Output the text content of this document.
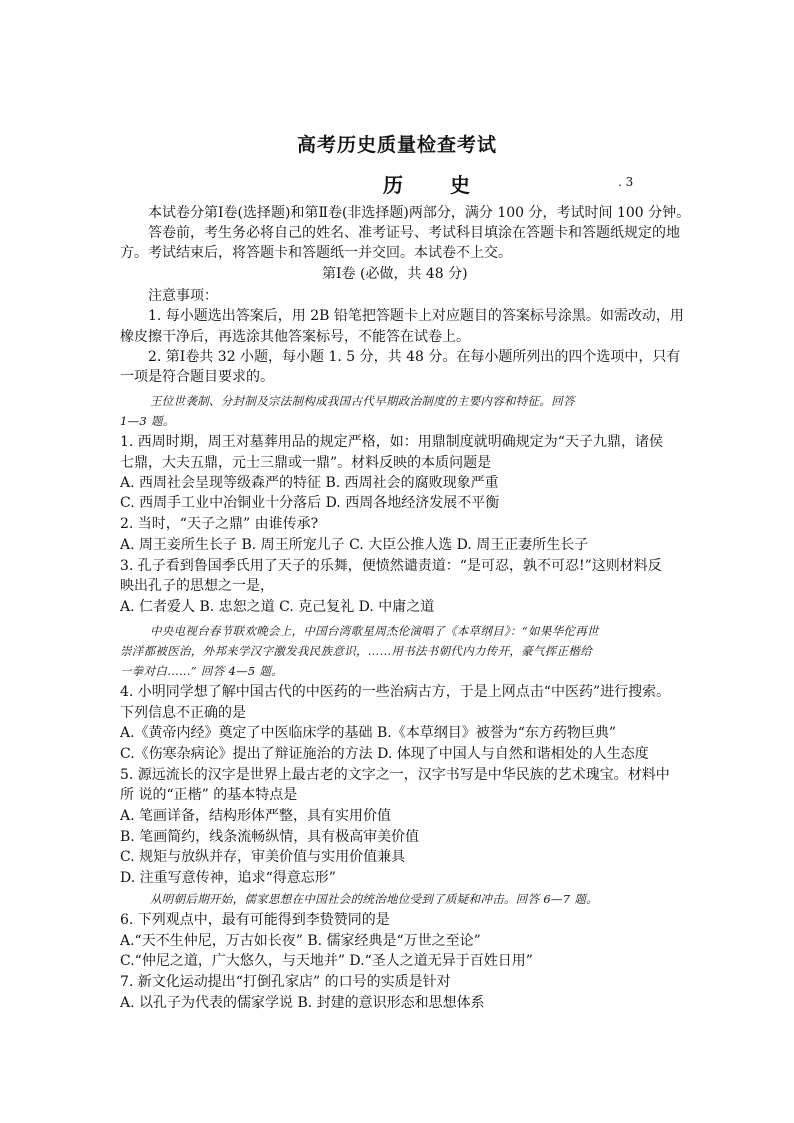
高考历史质量检查考试
历 史	. 3
本试卷分第Ⅰ卷(选择题)和第Ⅱ卷(非选择题)两部分，满分 100 分，考试时间 100 分钟。
答卷前，考生务必将自己的姓名、准考证号、考试科目填涂在答题卡和答题纸规定的地
方。考试结束后，将答题卡和答题纸一并交回。本试卷不上交。
第Ⅰ卷 (必做，共 48 分)
注意事项：
1. 每小题选出答案后，用 2B 铅笔把答题卡上对应题目的答案标号涂黑。如需改动，用
橡皮擦干净后，再选涂其他答案标号，不能答在试卷上。
2. 第Ⅰ卷共 32 小题，每小题 1. 5 分，共 48 分。在每小题所列出的四个选项中，只有
一项是符合题目要求的。
王位世袭制、分封制及宗法制构成我国古代早期政治制度的主要内容和特征。回答
1—3 题。
1. 西周时期，周王对墓葬用品的规定严格，如：用鼎制度就明确规定为“天子九鼎，诸侯
七鼎，大夫五鼎，元士三鼎或一鼎”。材料反映的本质问题是
A. 西周社会呈现等级森严的特征 B. 西周社会的腐败现象严重
C. 西周手工业中冶铜业十分落后 D. 西周各地经济发展不平衡
2. 当时，“天子之鼎” 由谁传承?
A. 周王妾所生长子 B. 周王所宠儿子 C. 大臣公推人选 D. 周王正妻所生长子
3. 孔子看到鲁国季氏用了天子的乐舞，便愤然谴责道：“是可忍，孰不可忍!”这则材料反
映出孔子的思想之一是，
A. 仁者爱人 B. 忠恕之道 C. 克己复礼 D. 中庸之道
中央电视台春节联欢晚会上，中国台湾歌星周杰伦演唱了《本草纲目》：“如果华佗再世
崇洋都被医治，外邦来学汉字激发我民族意识，……用书法书朝代内力传开，豪气挥正楷给
一拳对白……” 回答 4—5 题。
4. 小明同学想了解中国古代的中医药的一些治病古方，于是上网点击“中医药”进行搜索。
下列信息不正确的是
A.《黄帝内经》奠定了中医临床学的基础 B.《本草纲目》被誉为“东方药物巨典”
C.《伤寒杂病论》提出了辩证施治的方法 D. 体现了中国人与自然和谐相处的人生态度
5. 源远流长的汉字是世界上最古老的文字之一，汉字书写是中华民族的艺术瑰宝。材料中
所 说的“正楷” 的基本特点是
A. 笔画详备，结构形体严整，具有实用价值
B. 笔画简约，线条流畅纵情，具有极高审美价值
C. 规矩与放纵并存，审美价值与实用价值兼具
D. 注重写意传神，追求“得意忘形”
从明朝后期开始，儒家思想在中国社会的统治地位受到了质疑和冲击。回答 6—7 题。
6. 下列观点中，最有可能得到李贽赞同的是
A.“天不生仲尼，万古如长夜” B. 儒家经典是“万世之至论”
C.“仲尼之道，广大悠久，与天地并” D.“圣人之道无异于百姓日用”
7. 新文化运动提出“打倒孔家店” 的口号的实质是针对
A. 以孔子为代表的儒家学说 B. 封建的意识形态和思想体系
